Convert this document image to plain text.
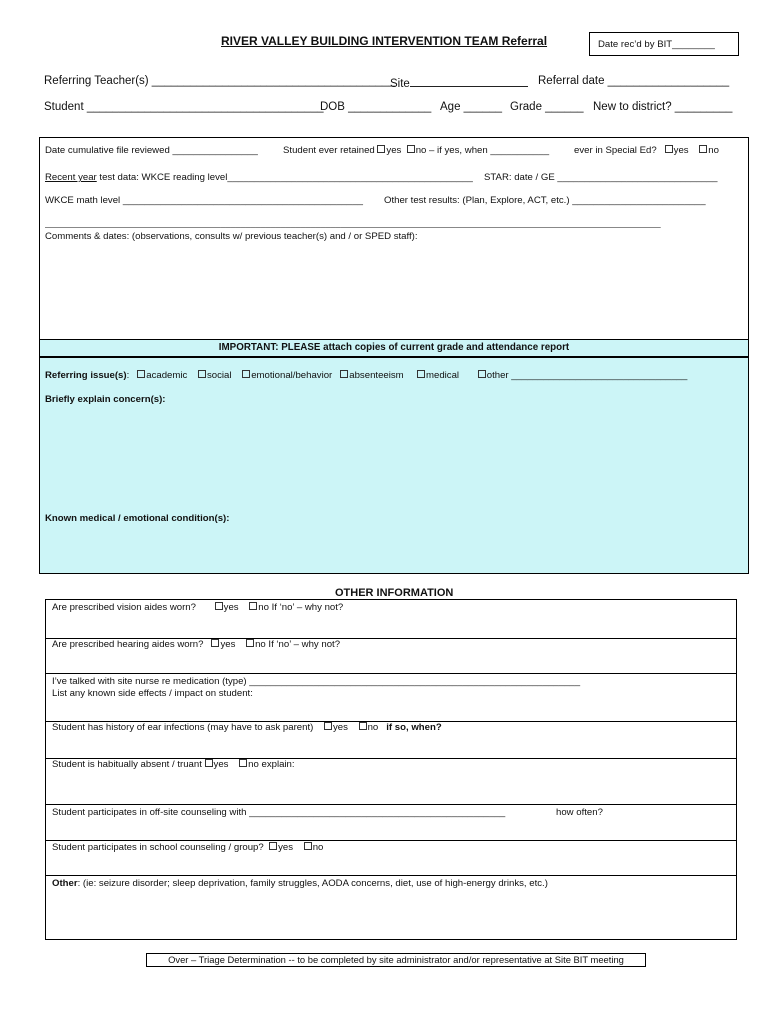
RIVER VALLEY BUILDING INTERVENTION TEAM Referral	Date rec’d by BIT________
Referring Teacher(s) ______________________________________
Site	Referral date ___________________
Student _____________________________________
DOB _____________ Age ______ Grade ______ New to district? _________
Date cumulative file reviewed ________________	Student ever retained yes no – if yes, when ___________	ever in Special Ed? yes no
Recent year test data: WKCE reading level______________________________________________ STAR: date / GE ______________________________
WKCE math level _____________________________________________ Other test results: (Plan, Explore, ACT, etc.) _________________________
___________________________________________________________________________________________________________________________
Comments & dates: (observations, consults w/ previous teacher(s) and / or SPED staff):
IMPORTANT: PLEASE attach copies of current grade and attendance report
Referring issue(s):   academic social emotional/behavior absenteeism medical	other _________________________________
Briefly explain concern(s):
Known medical / emotional condition(s):
OTHER INFORMATION
Are prescribed vision aides worn?	yes no If ‘no’ – why not?
Are prescribed hearing aides worn? yes no If ‘no’ – why not?
I’ve talked with site nurse re medication (type) ______________________________________________________________
List any known side effects / impact on student:
Student has history of ear infections (may have to ask parent) yes no if so, when?
Student is habitually absent / truant yes no explain:
Student participates in off-site counseling with ________________________________________________	how often?
Student participates in school counseling / group? yes no
Other: (ie: seizure disorder; sleep deprivation, family struggles, AODA concerns, diet, use of high-energy drinks, etc.)
Over – Triage Determination -- to be completed by site administrator and/or representative at Site BIT meeting
